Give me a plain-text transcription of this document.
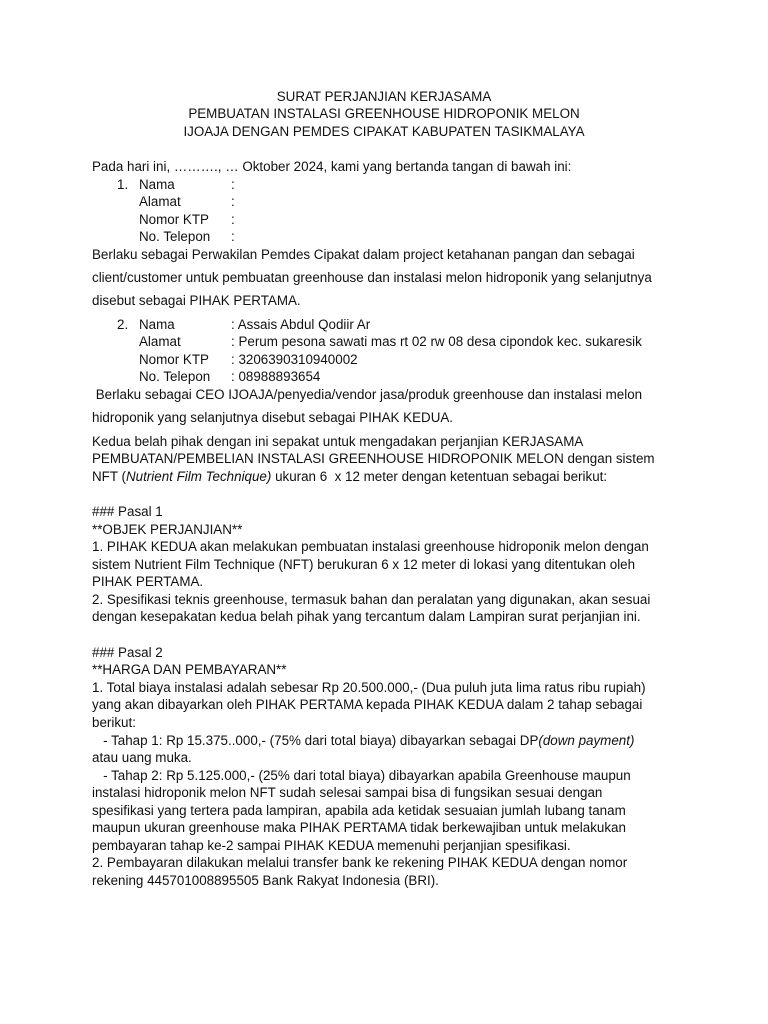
SURAT PERJANJIAN KERJASAMA
PEMBUATAN INSTALASI GREENHOUSE HIDROPONIK MELON
IJOAJA DENGAN PEMDES CIPAKAT KABUPATEN TASIKMALAYA
Pada hari ini, ………., … Oktober 2024, kami yang bertanda tangan di bawah ini:
1. Nama	:
Alamat	:
Nomor KTP :
No. Telepon :
Berlaku sebagai Perwakilan Pemdes Cipakat dalam project ketahanan pangan dan sebagai
client/customer untuk pembuatan greenhouse dan instalasi melon hidroponik yang selanjutnya
disebut sebagai PIHAK PERTAMA.
2. Nama	: Assais Abdul Qodiir Ar
Alamat	: Perum pesona sawati mas rt 02 rw 08 desa cipondok kec. sukaresik
Nomor KTP : 3206390310940002
No. Telepon : 08988893654
Berlaku sebagai CEO IJOAJA/penyedia/vendor jasa/produk greenhouse dan instalasi melon
hidroponik yang selanjutnya disebut sebagai PIHAK KEDUA.
Kedua belah pihak dengan ini sepakat untuk mengadakan perjanjian KERJASAMA
PEMBUATAN/PEMBELIAN INSTALASI GREENHOUSE HIDROPONIK MELON dengan sistem
NFT (Nutrient Film Technique) ukuran 6  x 12 meter dengan ketentuan sebagai berikut:
### Pasal 1
**OBJEK PERJANJIAN**
1. PIHAK KEDUA akan melakukan pembuatan instalasi greenhouse hidroponik melon dengan
sistem Nutrient Film Technique (NFT) berukuran 6 x 12 meter di lokasi yang ditentukan oleh
PIHAK PERTAMA.
2. Spesifikasi teknis greenhouse, termasuk bahan dan peralatan yang digunakan, akan sesuai
dengan kesepakatan kedua belah pihak yang tercantum dalam Lampiran surat perjanjian ini.
### Pasal 2
**HARGA DAN PEMBAYARAN**
1. Total biaya instalasi adalah sebesar Rp 20.500.000,- (Dua puluh juta lima ratus ribu rupiah)
yang akan dibayarkan oleh PIHAK PERTAMA kepada PIHAK KEDUA dalam 2 tahap sebagai
berikut:
- Tahap 1: Rp 15.375..000,- (75% dari total biaya) dibayarkan sebagai DP(down payment)
atau uang muka.
- Tahap 2: Rp 5.125.000,- (25% dari total biaya) dibayarkan apabila Greenhouse maupun
instalasi hidroponik melon NFT sudah selesai sampai bisa di fungsikan sesuai dengan
spesifikasi yang tertera pada lampiran, apabila ada ketidak sesuaian jumlah lubang tanam
maupun ukuran greenhouse maka PIHAK PERTAMA tidak berkewajiban untuk melakukan
pembayaran tahap ke-2 sampai PIHAK KEDUA memenuhi perjanjian spesifikasi.
2. Pembayaran dilakukan melalui transfer bank ke rekening PIHAK KEDUA dengan nomor
rekening 445701008895505 Bank Rakyat Indonesia (BRI).
